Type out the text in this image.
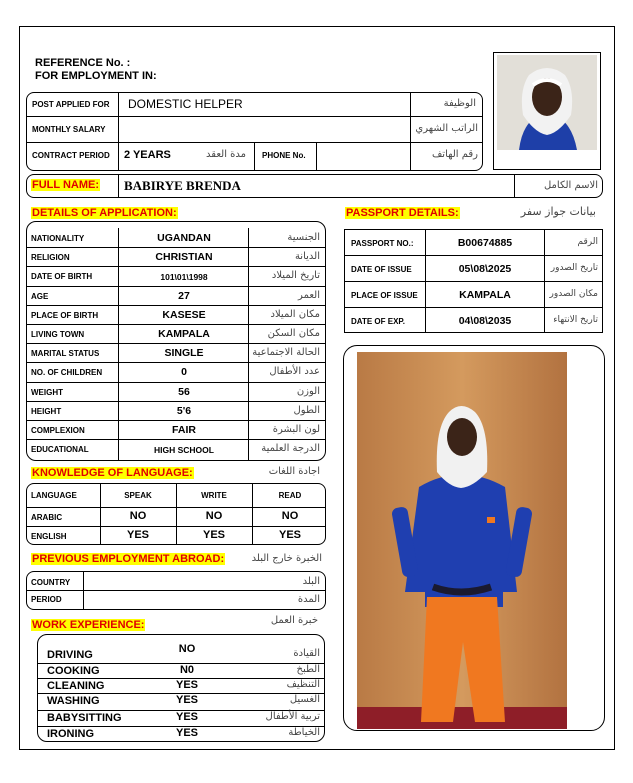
REFERENCE No. :
FOR EMPLOYMENT IN:
POST APPLIED FOR DOMESTIC HELPER	الوظيفة
MONTHLY SALARY	الراتب الشهري
CONTRACT PERIOD 2 YEARS	مدة العقد PHONE No.	رقم الهاتف
FULL NAME: BABIRYE BRENDA	الاسم الكامل
DETAILS OF APPLICATION:	PASSPORT DETAILS:	بيانات جواز سفر
KNOWLEDGE OF LANGUAGE:	اجادة اللغات
PREVIOUS EMPLOYMENT ABROAD:	الخبرة خارج البلد
COUNTRY	البلد
PERIOD	المدة
WORK EXPERIENCE:	خبرة العمل
NATIONALITY	UGANDAN	الجنسية
RELIGION	CHRISTIAN	الديانة
DATE OF BIRTH	101\01\1998	تاريخ الميلاد
AGE	27	العمر
PLACE OF BIRTH	KASESE	مكان الميلاد
LIVING TOWN	KAMPALA	مكان السكن
MARITAL STATUS	SINGLE	الحالة الاجتماعية
NO. OF CHILDREN	0	عدد الأطفال
WEIGHT	56	الوزن
HEIGHT	5'6	الطول
COMPLEXION	FAIR	لون البشرة
EDUCATIONAL	HIGH SCHOOL	الدرجة العلمية
PASSPORT NO.:	B00674885	الرقم
DATE OF ISSUE	05\08\2025	تاريخ الصدور
PLACE OF ISSUE	KAMPALA	مكان الصدور
DATE OF EXP.	04\08\2035	تاريخ الانتهاء
LANGUAGE	SPEAK	WRITE	READ
ARABIC	NO	NO	NO
ENGLISH	YES	YES	YES
DRIVING	NO	القيادة
COOKING	N0	الطبخ
CLEANING	YES	التنظيف
WASHING	YES	الغسيل
BABYSITTING	YES	تربية الأطفال
IRONING	YES	الخياطة
